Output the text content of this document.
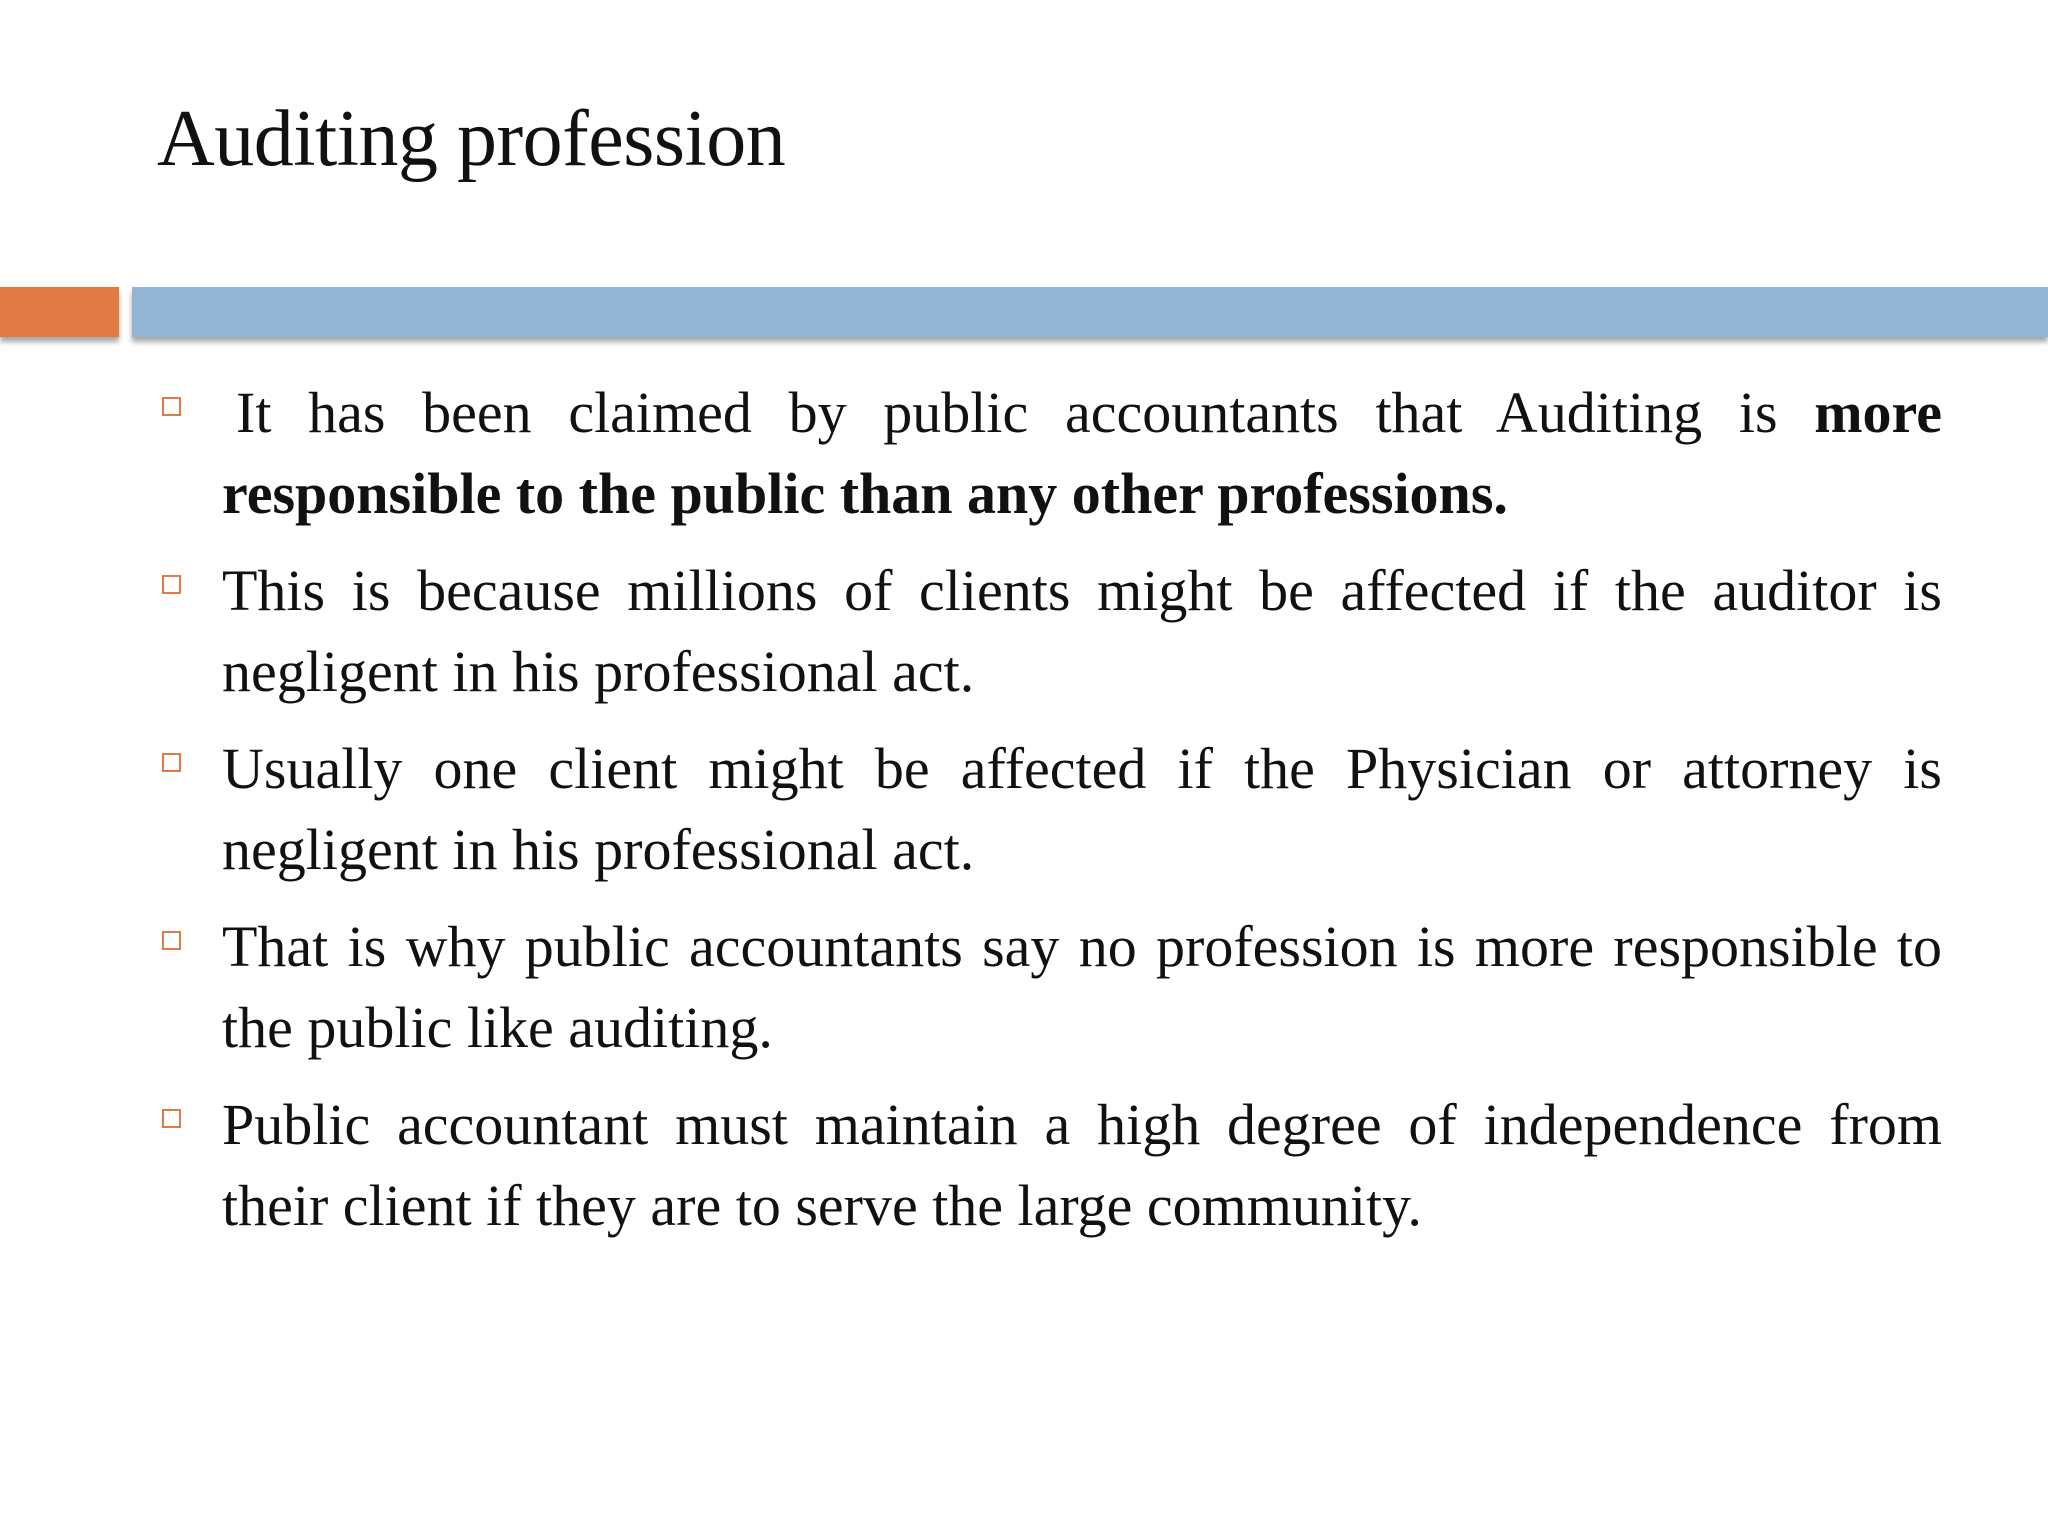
Auditing profession

It has been claimed by public accountants that Auditing is more responsible to the public than any other professions.

This is because millions of clients might be affected if the auditor is negligent in his professional act.

Usually one client might be affected if the Physician or attorney is negligent in his professional act.

That is why public accountants say no profession is more responsible to the public like auditing.

Public accountant must maintain a high degree of independence from their client if they are to serve the large community.
